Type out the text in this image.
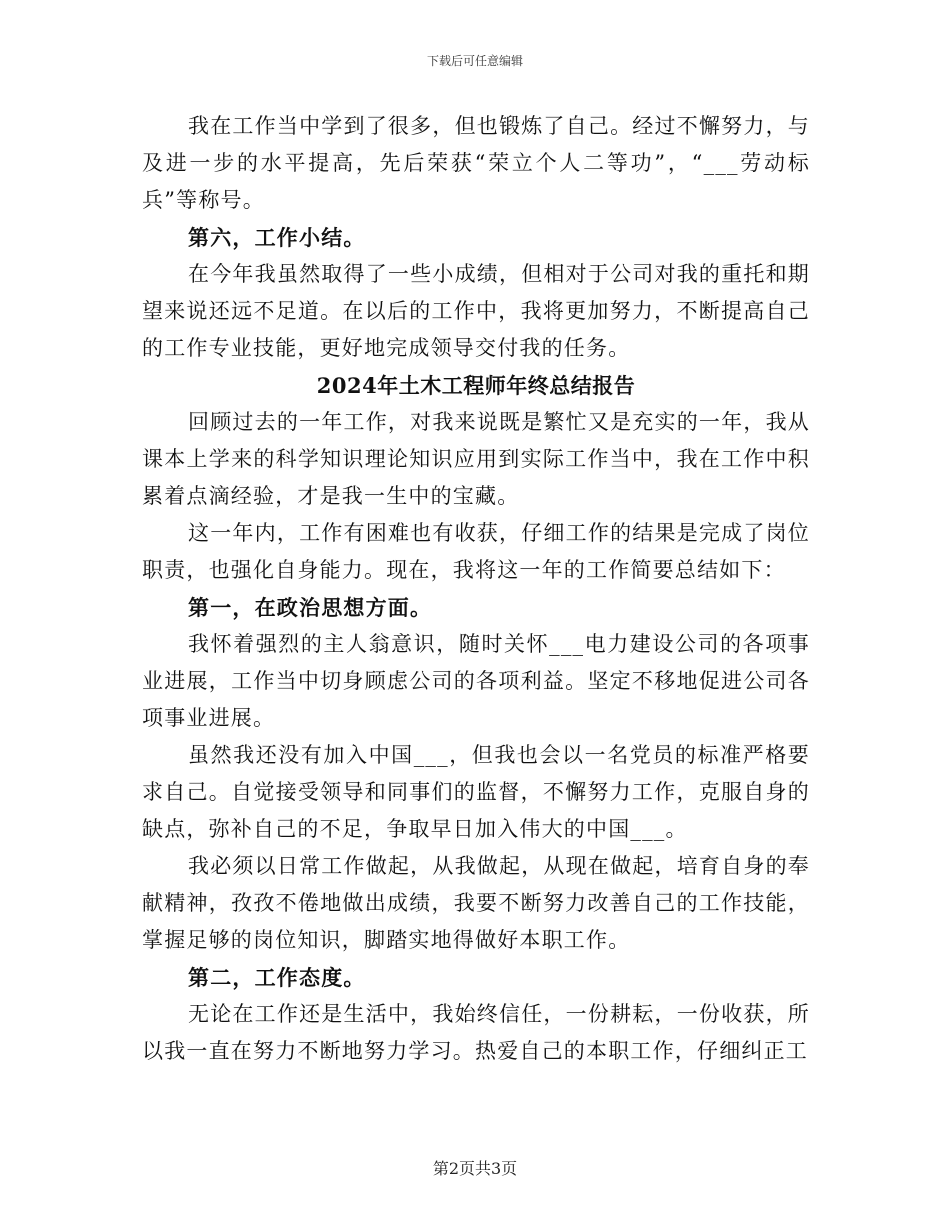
下载后可任意编辑

我在工作当中学到了很多，但也锻炼了自己。经过不懈努力，与及进一步的水平提高，先后荣获“荣立个人二等功”，“___劳动标兵”等称号。

第六，工作小结。

在今年我虽然取得了一些小成绩，但相对于公司对我的重托和期望来说还远不足道。在以后的工作中，我将更加努力，不断提高自己的工作专业技能，更好地完成领导交付我的任务。

2024年土木工程师年终总结报告

回顾过去的一年工作，对我来说既是繁忙又是充实的一年，我从课本上学来的科学知识理论知识应用到实际工作当中，我在工作中积累着点滴经验，才是我一生中的宝藏。

这一年内，工作有困难也有收获，仔细工作的结果是完成了岗位职责，也强化自身能力。现在，我将这一年的工作简要总结如下：

第一，在政治思想方面。

我怀着强烈的主人翁意识，随时关怀___电力建设公司的各项事业进展，工作当中切身顾虑公司的各项利益。坚定不移地促进公司各项事业进展。

虽然我还没有加入中国___，但我也会以一名党员的标准严格要求自己。自觉接受领导和同事们的监督，不懈努力工作，克服自身的缺点，弥补自己的不足，争取早日加入伟大的中国___。

我必须以日常工作做起，从我做起，从现在做起，培育自身的奉献精神，孜孜不倦地做出成绩，我要不断努力改善自己的工作技能，掌握足够的岗位知识，脚踏实地得做好本职工作。

第二，工作态度。

无论在工作还是生活中，我始终信任，一份耕耘，一份收获，所以我一直在努力不断地努力学习。热爱自己的本职工作，仔细纠正工

第2页共3页
